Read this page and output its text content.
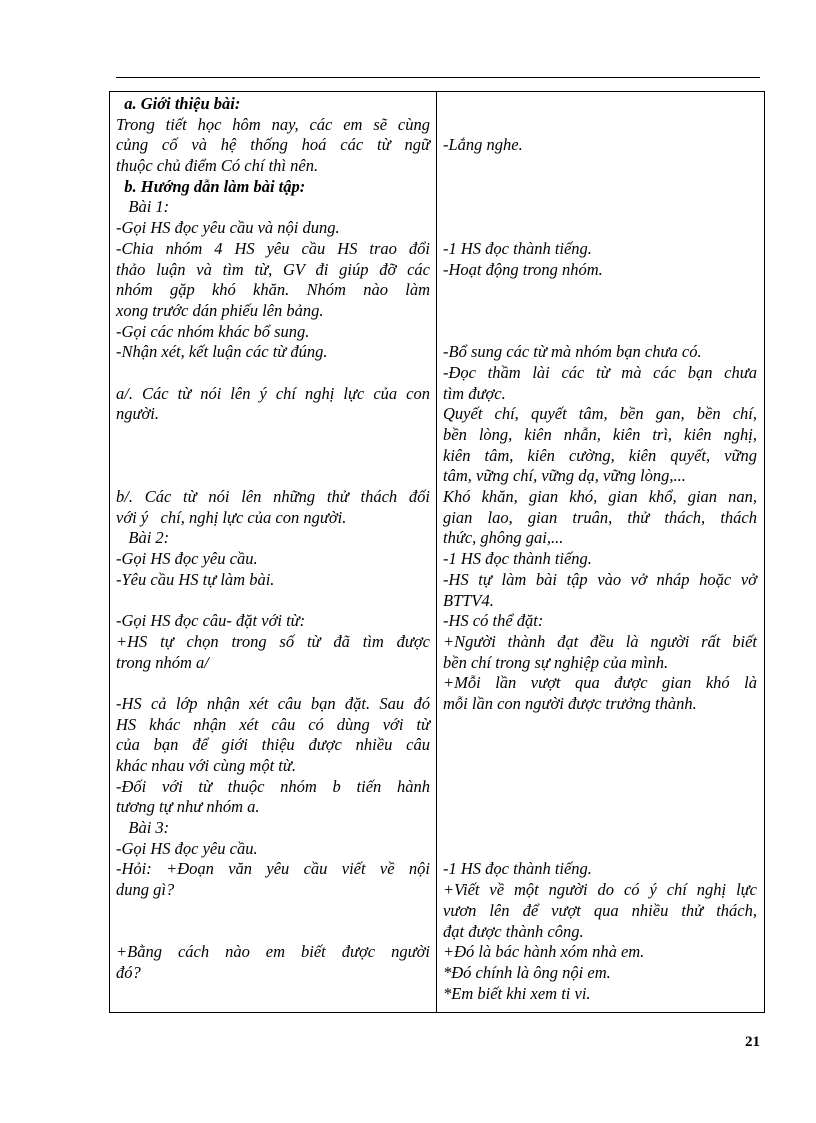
a. Giới thiệu bài:
Trong tiết học hôm nay, các em sẽ cùng
củng cố và hệ thống hoá các từ ngữ
thuộc chủ điểm Có chí thì nên.
b. Hướng dẫn làm bài tập:
Bài 1:
-Gọi HS đọc yêu cầu và nội dung.
-Chia nhóm 4 HS yêu cầu HS trao đổi
thảo luận và tìm từ, GV đi giúp đỡ các
nhóm gặp khó khăn. Nhóm nào làm
xong trước dán phiếu lên bảng.
-Gọi các nhóm khác bổ sung.
-Nhận xét, kết luận các từ đúng.
a/. Các từ nói lên ý chí nghị lực của con
người.
b/. Các từ nói lên những thử thách đối
với ý   chí, nghị lực của con người.
Bài 2:
-Gọi HS đọc yêu cầu.
-Yêu cầu HS tự làm bài.
-Gọi HS đọc câu- đặt với từ:
+HS tự chọn trong số từ đã tìm được
trong nhóm a/
-HS cả lớp nhận xét câu bạn đặt. Sau đó
HS khác nhận xét câu có dùng với từ
của bạn để giới thiệu được nhiều câu
khác nhau với cùng một từ.
-Đối với từ thuộc nhóm b tiến hành
tương tự như nhóm a.
Bài 3:
-Gọi HS đọc yêu cầu.
-Hỏi: +Đoạn văn yêu cầu viết về nội
dung gì?
+Bằng cách nào em biết được người
đó?
-Lắng nghe.
-1 HS đọc thành tiếng.
-Hoạt động trong nhóm.
-Bổ sung các từ mà nhóm bạn chưa có.
-Đọc thầm lài các từ mà các bạn chưa
tìm được.
Quyết chí, quyết tâm, bền gan, bền chí,
bền lòng, kiên nhẫn, kiên trì, kiên nghị,
kiên tâm, kiên cường, kiên quyết, vững
tâm, vững chí, vững dạ, vững lòng,...
Khó khăn, gian khó, gian khổ, gian nan,
gian lao, gian truân, thử thách, thách
thức, ghông gai,...
-1 HS đọc thành tiếng.
-HS tự làm bài tập vào vở nháp hoặc vở
BTTV4.
-HS có thể đặt:
+Người thành đạt đều là người rất biết
bền chí trong sự nghiệp của mình.
+Mỗi lần vượt qua được gian khó là
mỗi lần con người được trưởng thành.
-1 HS đọc thành tiếng.
+Viết về một người do có ý chí nghị lực
vươn lên để vượt qua nhiều thử thách,
đạt được thành công.
+Đó là bác hành xóm nhà em.
*Đó chính là ông nội em.
*Em biết khi xem ti vi.
21
